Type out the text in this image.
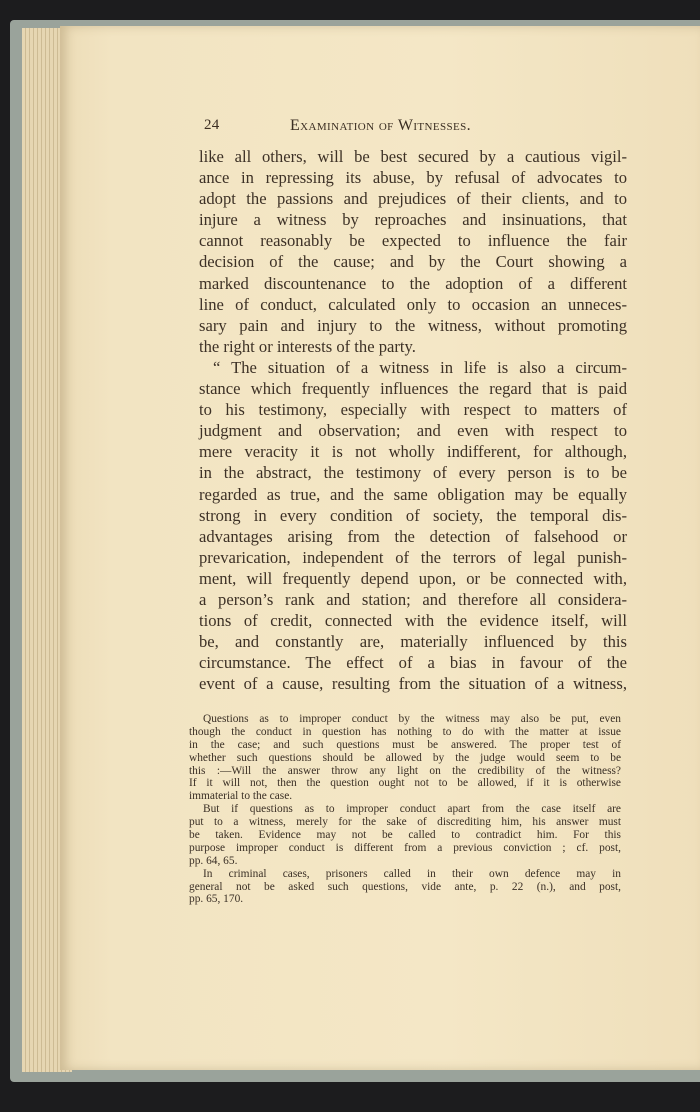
24	Examination of Witnesses.
like all others, will be best secured by a cautious vigil-
ance in repressing its abuse, by refusal of advocates to
adopt the passions and prejudices of their clients, and to
injure a witness by reproaches and insinuations, that
cannot reasonably be expected to influence the fair
decision of the cause; and by the Court showing a
marked discountenance to the adoption of a different
line of conduct, calculated only to occasion an unneces-
sary pain and injury to the witness, without promoting
the right or interests of the party.
“ The situation of a witness in life is also a circum-
stance which frequently influences the regard that is paid
to his testimony, especially with respect to matters of
judgment and observation; and even with respect to
mere veracity it is not wholly indifferent, for although,
in the abstract, the testimony of every person is to be
regarded as true, and the same obligation may be equally
strong in every condition of society, the temporal dis-
advantages arising from the detection of falsehood or
prevarication, independent of the terrors of legal punish-
ment, will frequently depend upon, or be connected with,
a person’s rank and station; and therefore all considera-
tions of credit, connected with the evidence itself, will
be, and constantly are, materially influenced by this
circumstance. The effect of a bias in favour of the
event of a cause, resulting from the situation of a witness,
Questions as to improper conduct by the witness may also be put, even
though the conduct in question has nothing to do with the matter at issue
in the case; and such questions must be answered. The proper test of
whether such questions should be allowed by the judge would seem to be
this :—Will the answer throw any light on the credibility of the witness?
If it will not, then the question ought not to be allowed, if it is otherwise
immaterial to the case.
But if questions as to improper conduct apart from the case itself are
put to a witness, merely for the sake of discrediting him, his answer must
be taken. Evidence may not be called to contradict him. For this
purpose improper conduct is different from a previous conviction ; cf. post,
pp. 64, 65.
In criminal cases, prisoners called in their own defence may in
general not be asked such questions, vide ante, p. 22 (n.), and post,
pp. 65, 170.
